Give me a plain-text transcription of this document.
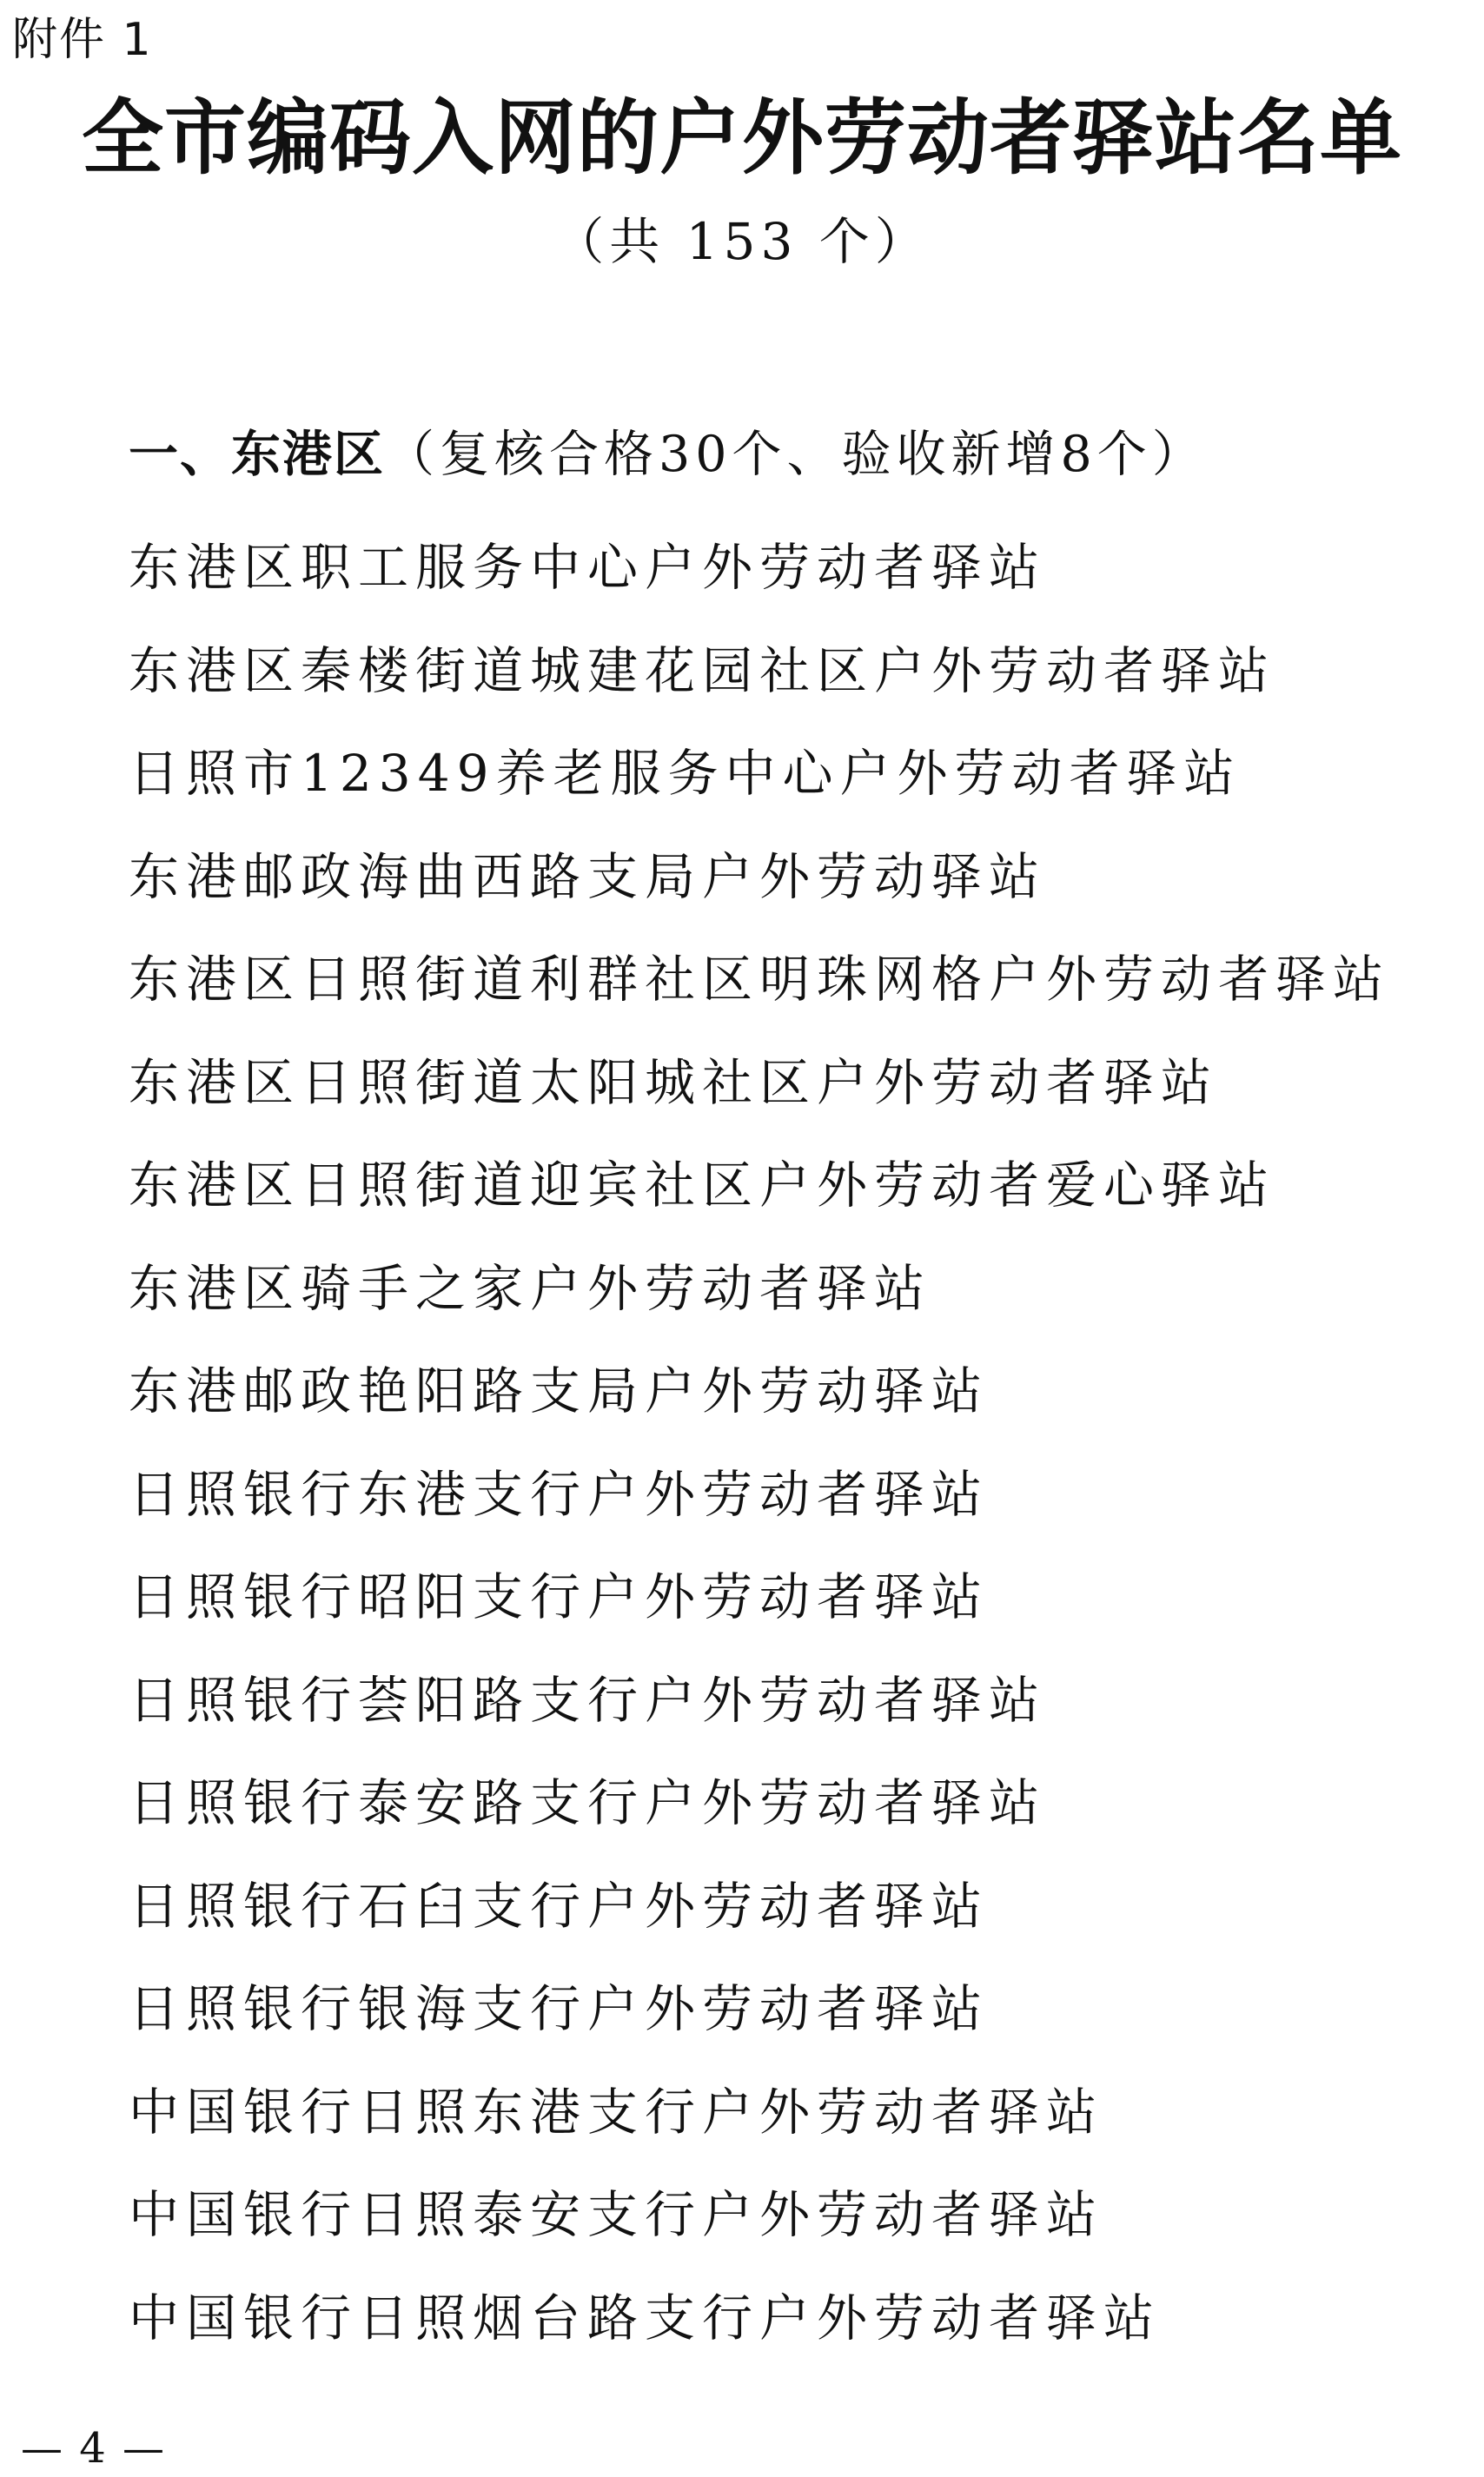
附件 1
全市编码入网的户外劳动者驿站名单
（共 153 个）
一、东港区（复核合格30个、验收新增8个）
东港区职工服务中心户外劳动者驿站
东港区秦楼街道城建花园社区户外劳动者驿站
日照市12349养老服务中心户外劳动者驿站
东港邮政海曲西路支局户外劳动驿站
东港区日照街道利群社区明珠网格户外劳动者驿站
东港区日照街道太阳城社区户外劳动者驿站
东港区日照街道迎宾社区户外劳动者爱心驿站
东港区骑手之家户外劳动者驿站
东港邮政艳阳路支局户外劳动驿站
日照银行东港支行户外劳动者驿站
日照银行昭阳支行户外劳动者驿站
日照银行荟阳路支行户外劳动者驿站
日照银行泰安路支行户外劳动者驿站
日照银行石臼支行户外劳动者驿站
日照银行银海支行户外劳动者驿站
中国银行日照东港支行户外劳动者驿站
中国银行日照泰安支行户外劳动者驿站
中国银行日照烟台路支行户外劳动者驿站
— 4 —
